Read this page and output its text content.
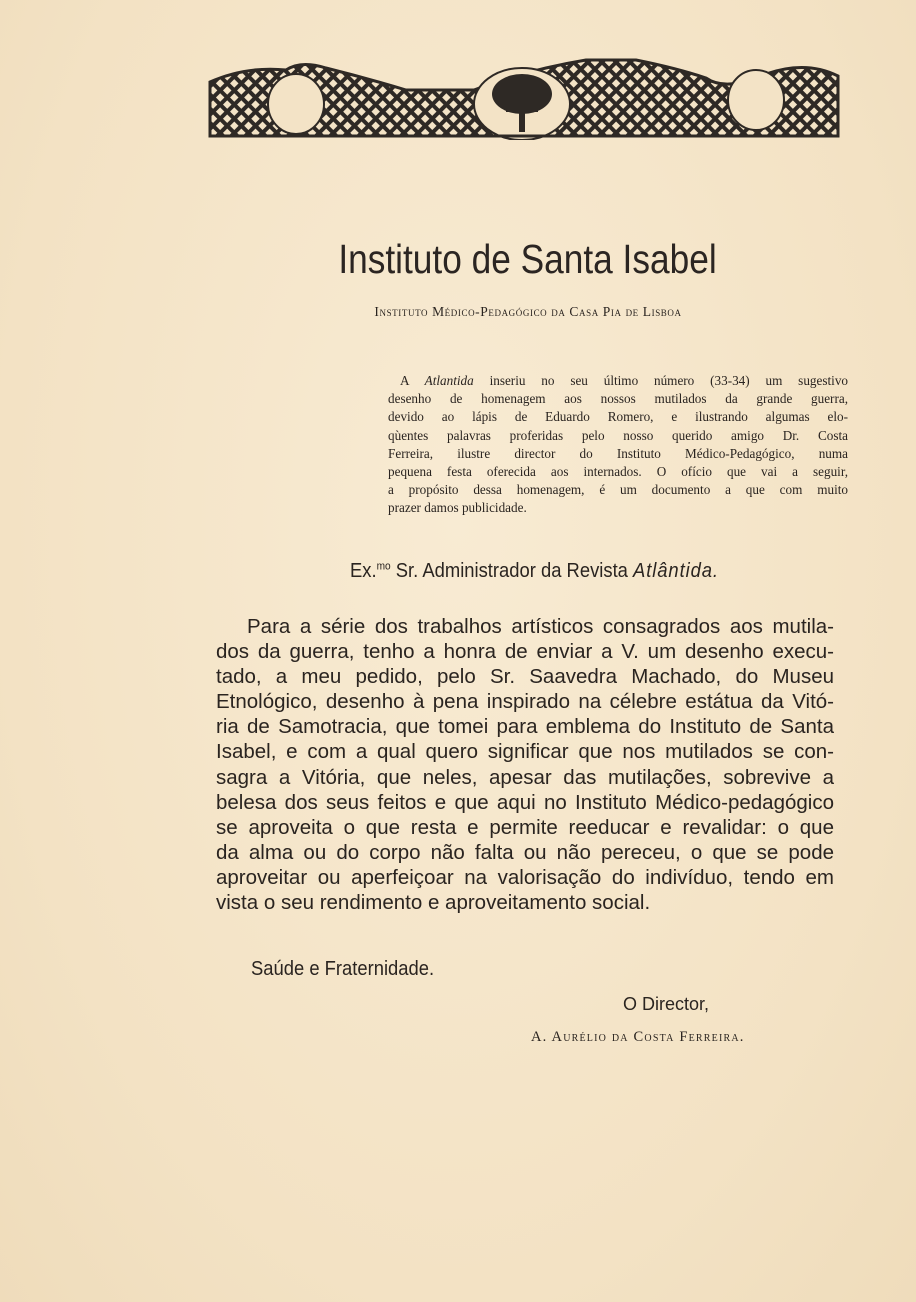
Instituto de Santa Isabel
Instituto Médico-Pedagógico da Casa Pia de Lisboa
A Atlantida inseriu no seu último número (33-34) um sugestivo
desenho de homenagem aos nossos mutilados da grande guerra,
devido ao lápis de Eduardo Romero, e ilustrando algumas elo-
qùentes palavras proferidas pelo nosso querido amigo Dr. Costa
Ferreira, ilustre director do Instituto Médico-Pedagógico, numa
pequena festa oferecida aos internados. O ofício que vai a seguir,
a propósito dessa homenagem, é um documento a que com muito
prazer damos publicidade.
Ex.$^{mo}$ Sr. Administrador da Revista Atlântida.
Para a série dos trabalhos artísticos consagrados aos mutila-
dos da guerra, tenho a honra de enviar a V. um desenho execu-
tado, a meu pedido, pelo Sr. Saavedra Machado, do Museu
Etnológico, desenho à pena inspirado na célebre estátua da Vitó-
ria de Samotracia, que tomei para emblema do Instituto de Santa
Isabel, e com a qual quero significar que nos mutilados se con-
sagra a Vitória, que neles, apesar das mutilações, sobrevive a
belesa dos seus feitos e que aqui no Instituto Médico-pedagógico
se aproveita o que resta e permite reeducar e revalidar: o que
da alma ou do corpo não falta ou não pereceu, o que se pode
aproveitar ou aperfeiçoar na valorisação do indivíduo, tendo em
vista o seu rendimento e aproveitamento social.
Saúde e Fraternidade.
O Director,
A. Aurélio da Costa Ferreira.
